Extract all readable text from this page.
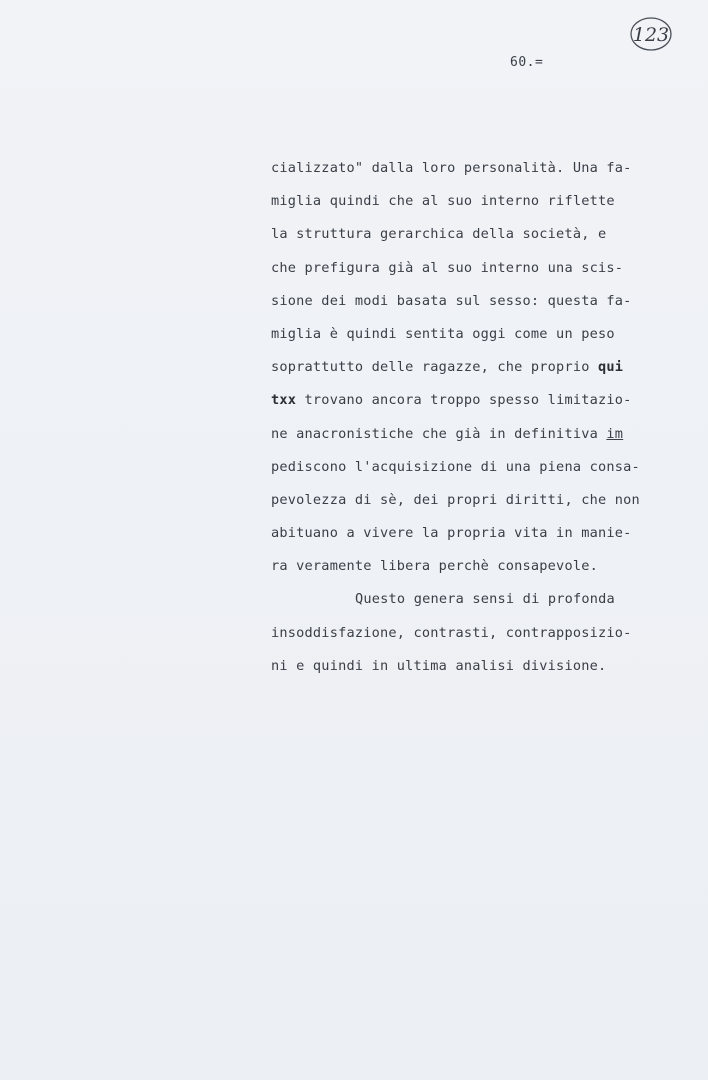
60.=
123
cializzato" dalla loro personalità. Una fa-
miglia quindi che al suo interno riflette
la struttura gerarchica della società, e
che prefigura già al suo interno una scis-
sione dei modi basata sul sesso: questa fa-
miglia è quindi sentita oggi come un peso
soprattutto delle ragazze, che proprio qui
txx trovano ancora troppo spesso limitazio-
ne anacronistiche che già in definitiva im
pediscono l'acquisizione di una piena consa-
pevolezza di sè, dei propri diritti, che non
abituano a vivere la propria vita in manie-
ra veramente libera perchè consapevole.
Questo genera sensi di profonda
insoddisfazione, contrasti, contrapposizio-
ni e quindi in ultima analisi divisione.
